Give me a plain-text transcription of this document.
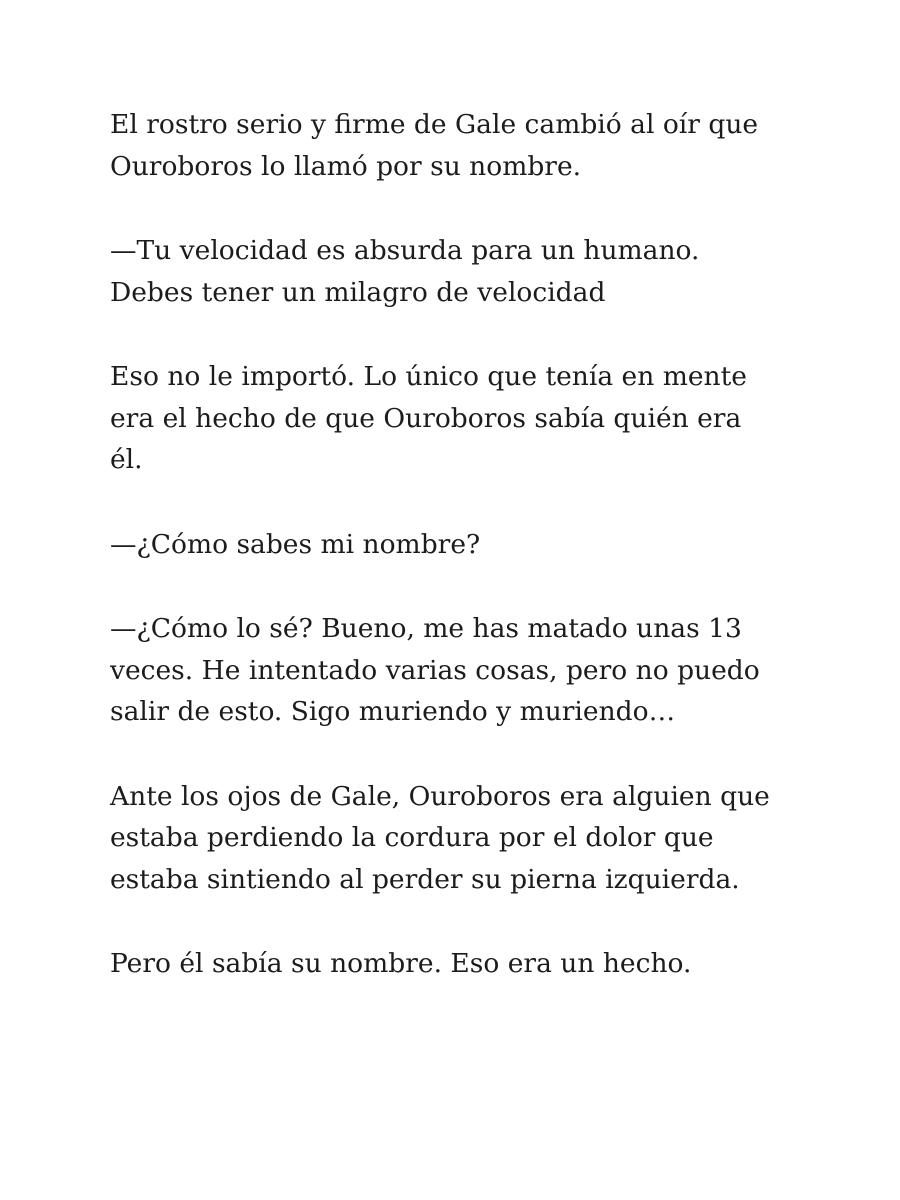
El rostro serio y firme de Gale cambió al oír que
Ouroboros lo llamó por su nombre.

—Tu velocidad es absurda para un humano.
Debes tener un milagro de velocidad

Eso no le importó. Lo único que tenía en mente
era el hecho de que Ouroboros sabía quién era
él.

—¿Cómo sabes mi nombre?

—¿Cómo lo sé? Bueno, me has matado unas 13
veces. He intentado varias cosas, pero no puedo
salir de esto. Sigo muriendo y muriendo…

Ante los ojos de Gale, Ouroboros era alguien que
estaba perdiendo la cordura por el dolor que
estaba sintiendo al perder su pierna izquierda.

Pero él sabía su nombre. Eso era un hecho.
